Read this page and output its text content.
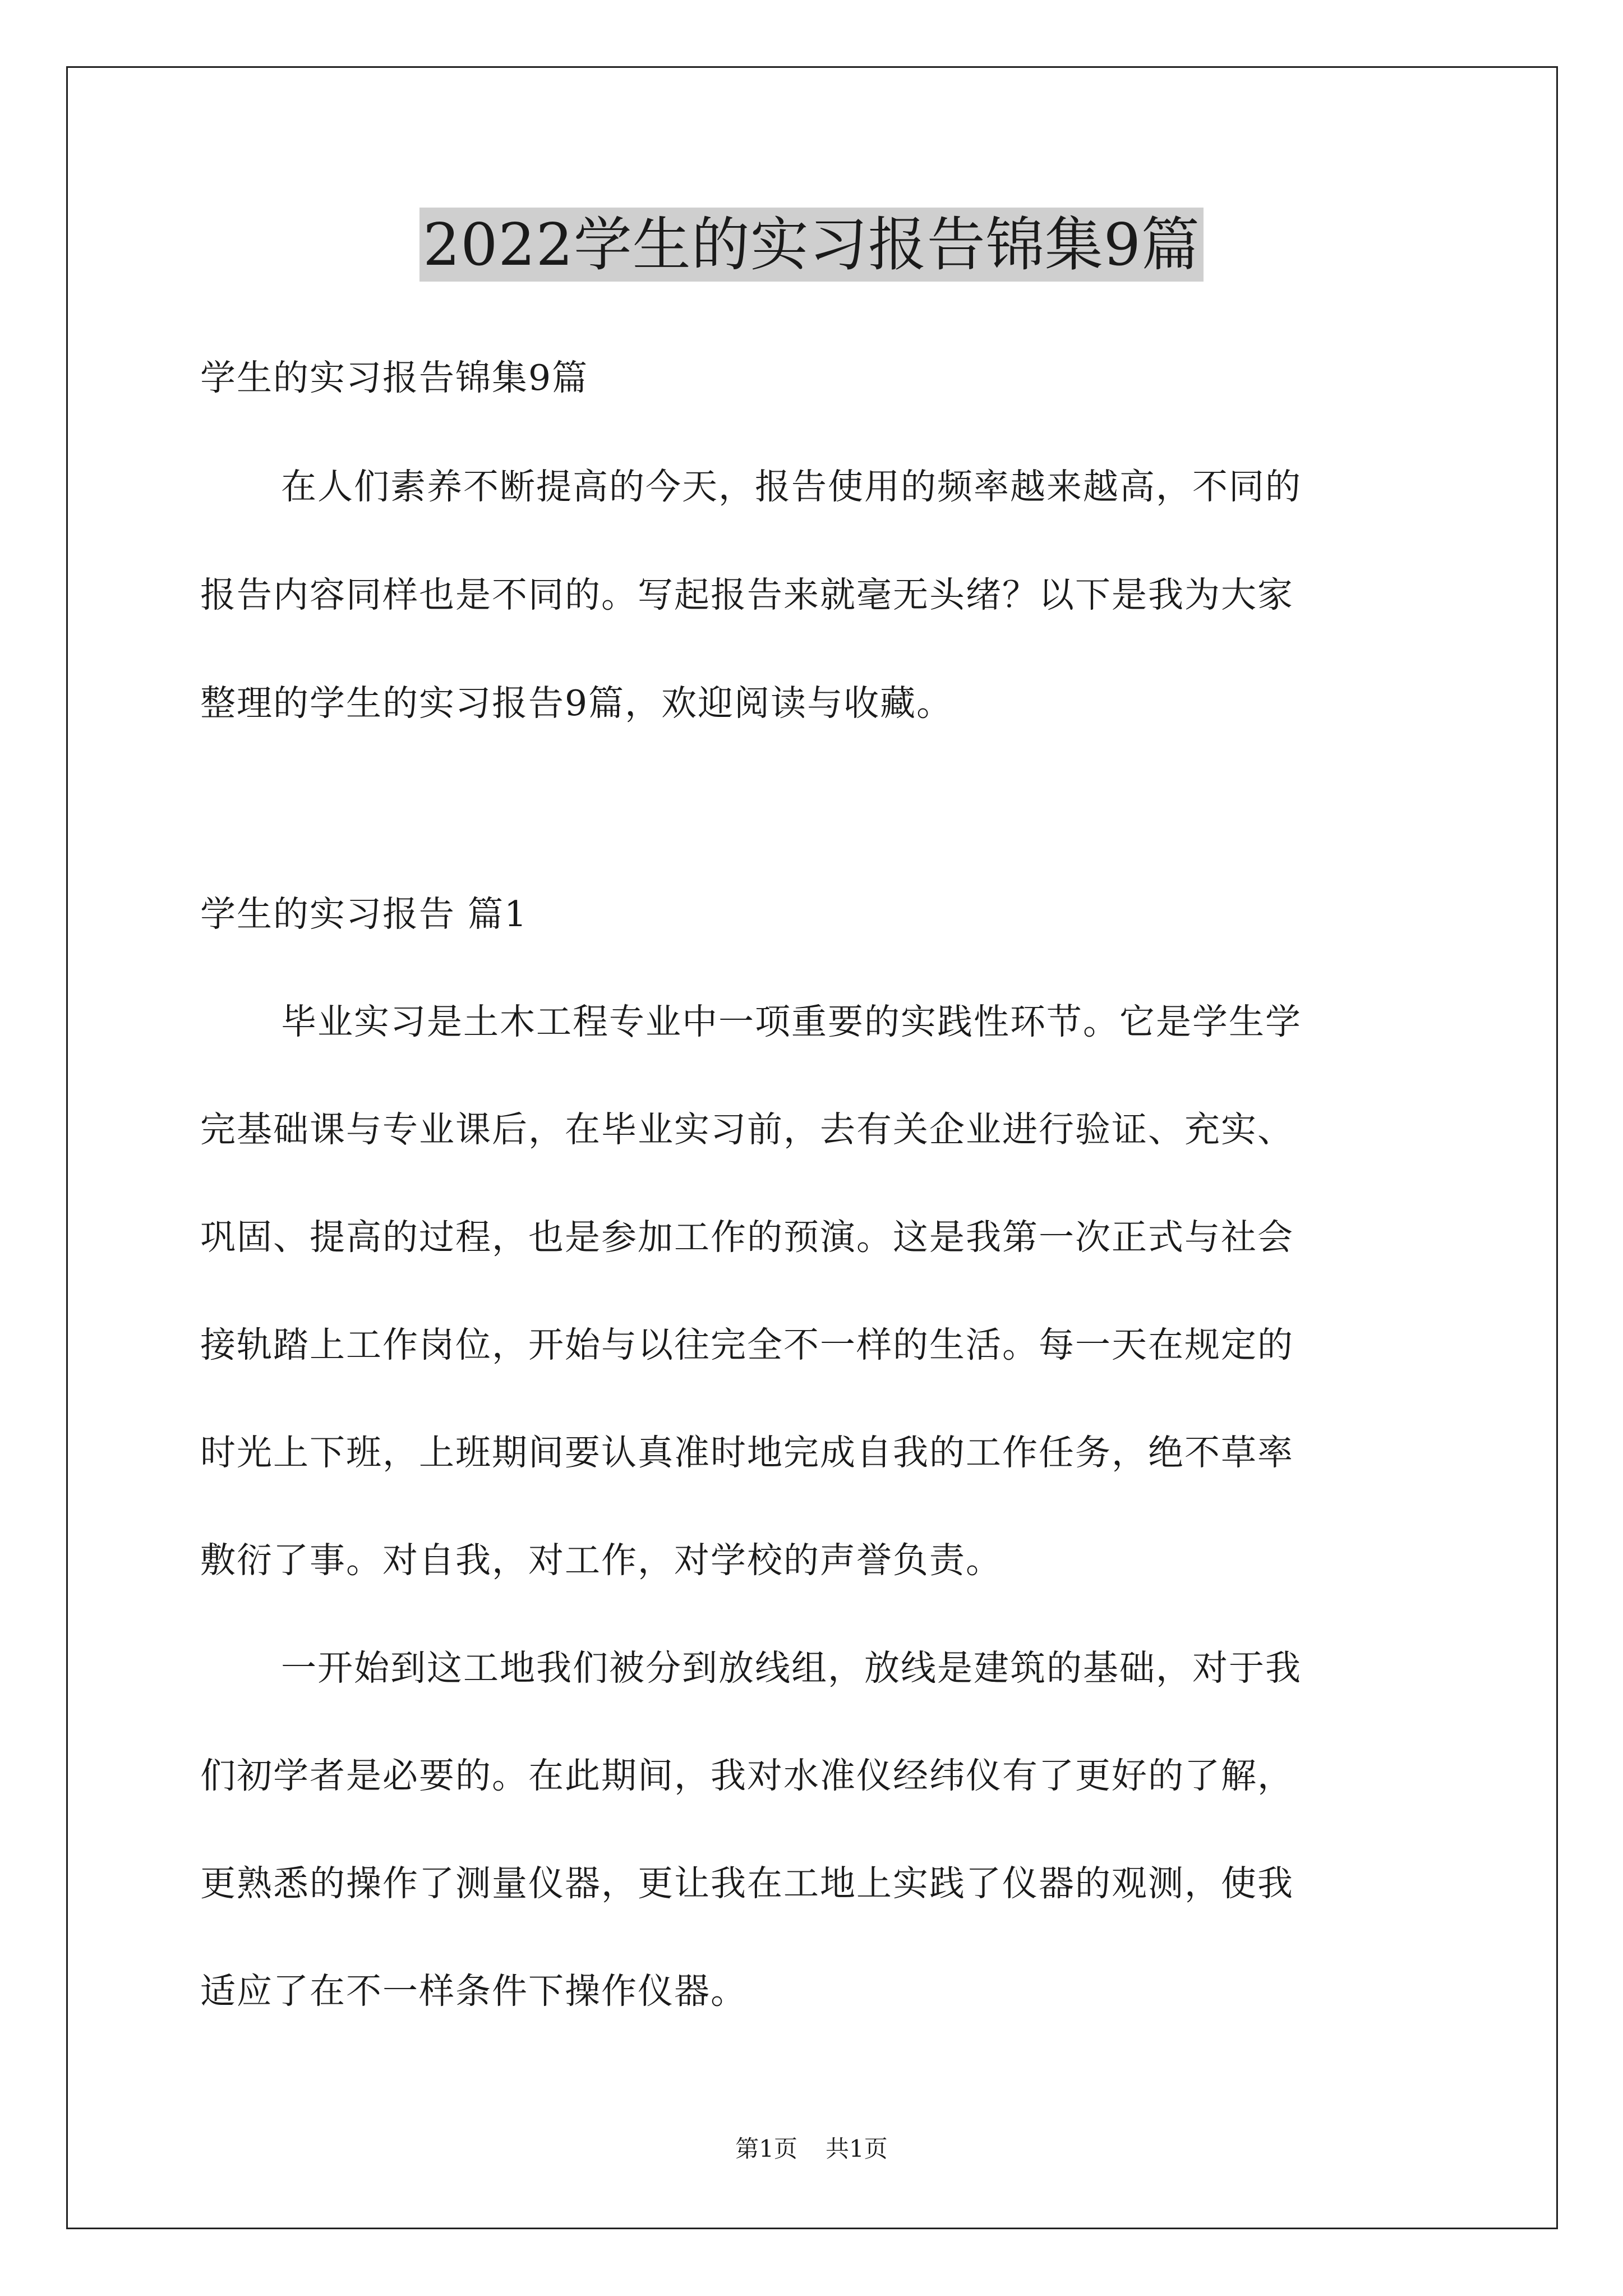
2022学生的实习报告锦集9篇
学生的实习报告锦集9篇
在人们素养不断提高的今天，报告使用的频率越来越高，不同的
报告内容同样也是不同的。写起报告来就毫无头绪？以下是我为大家
整理的学生的实习报告9篇，欢迎阅读与收藏。
学生的实习报告 篇1
毕业实习是土木工程专业中一项重要的实践性环节。它是学生学
完基础课与专业课后，在毕业实习前，去有关企业进行验证、充实、
巩固、提高的过程，也是参加工作的预演。这是我第一次正式与社会
接轨踏上工作岗位，开始与以往完全不一样的生活。每一天在规定的
时光上下班，上班期间要认真准时地完成自我的工作任务，绝不草率
敷衍了事。对自我，对工作，对学校的声誉负责。
一开始到这工地我们被分到放线组，放线是建筑的基础，对于我
们初学者是必要的。在此期间，我对水准仪经纬仪有了更好的了解，
更熟悉的操作了测量仪器，更让我在工地上实践了仪器的观测，使我
适应了在不一样条件下操作仪器。
第1页 共1页
